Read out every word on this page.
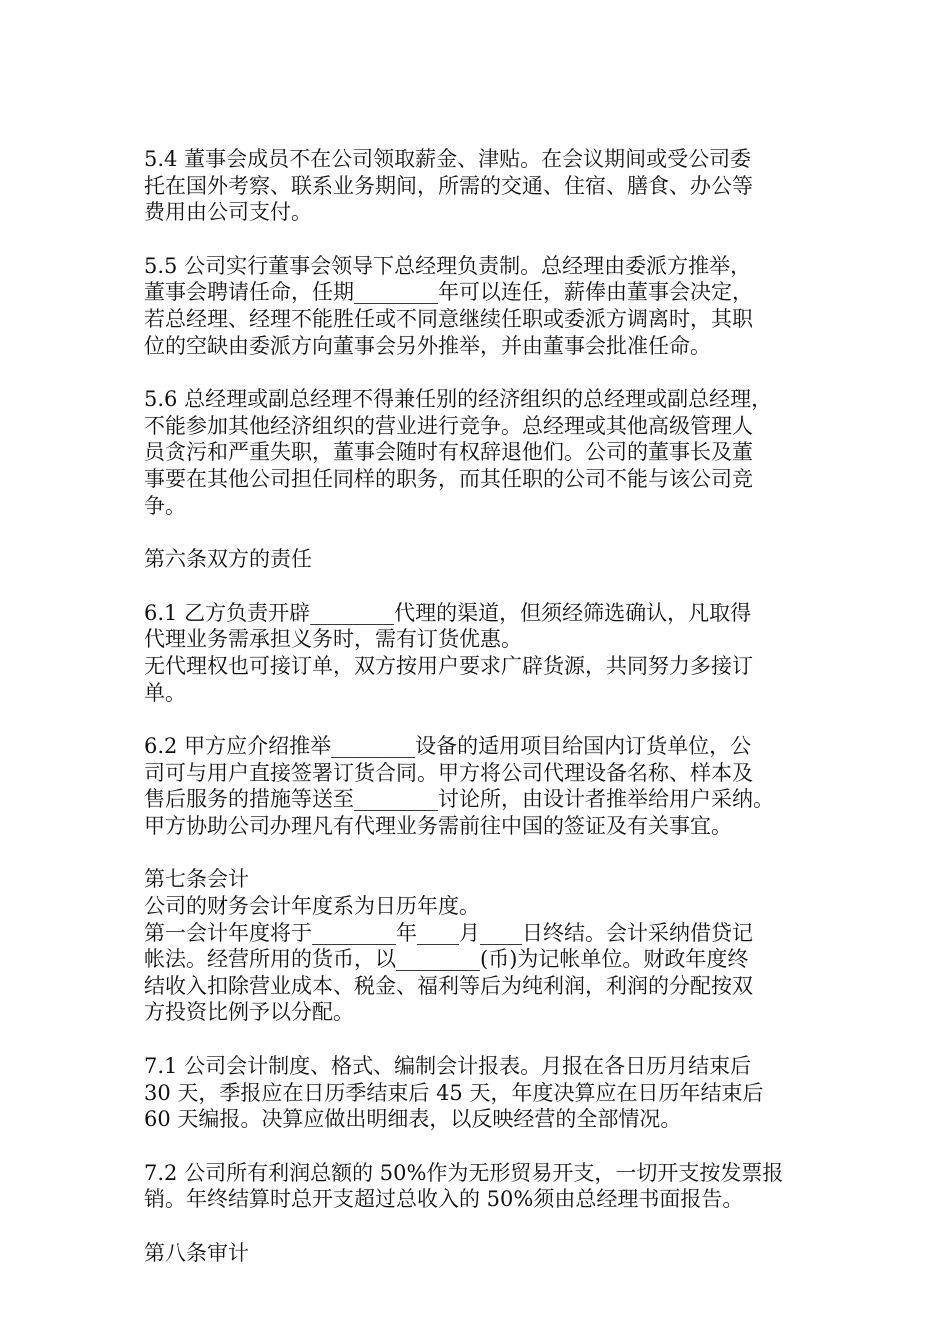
5.4 董事会成员不在公司领取薪金、津贴。在会议期间或受公司委
托在国外考察、联系业务期间，所需的交通、住宿、膳食、办公等
费用由公司支付。
5.5 公司实行董事会领导下总经理负责制。总经理由委派方推举，
董事会聘请任命，任期________年可以连任，薪俸由董事会决定，
若总经理、经理不能胜任或不同意继续任职或委派方调离时，其职
位的空缺由委派方向董事会另外推举，并由董事会批准任命。
5.6 总经理或副总经理不得兼任别的经济组织的总经理或副总经理，
不能参加其他经济组织的营业进行竞争。总经理或其他高级管理人
员贪污和严重失职，董事会随时有权辞退他们。公司的董事长及董
事要在其他公司担任同样的职务，而其任职的公司不能与该公司竞
争。
第六条双方的责任
6.1 乙方负责开辟________代理的渠道，但须经筛选确认，凡取得
代理业务需承担义务时，需有订货优惠。
无代理权也可接订单，双方按用户要求广辟货源，共同努力多接订
单。
6.2 甲方应介绍推举________设备的适用项目给国内订货单位，公
司可与用户直接签署订货合同。甲方将公司代理设备名称、样本及
售后服务的措施等送至________讨论所，由设计者推举给用户采纳。
甲方协助公司办理凡有代理业务需前往中国的签证及有关事宜。
第七条会计
公司的财务会计年度系为日历年度。
第一会计年度将于________年____月____日终结。会计采纳借贷记
帐法。经营所用的货币，以________(币)为记帐单位。财政年度终
结收入扣除营业成本、税金、福利等后为纯利润，利润的分配按双
方投资比例予以分配。
7.1 公司会计制度、格式、编制会计报表。月报在各日历月结束后
30 天，季报应在日历季结束后 45 天，年度决算应在日历年结束后
60 天编报。决算应做出明细表，以反映经营的全部情况。
7.2 公司所有利润总额的 50%作为无形贸易开支，一切开支按发票报
销。年终结算时总开支超过总收入的 50%须由总经理书面报告。
第八条审计
